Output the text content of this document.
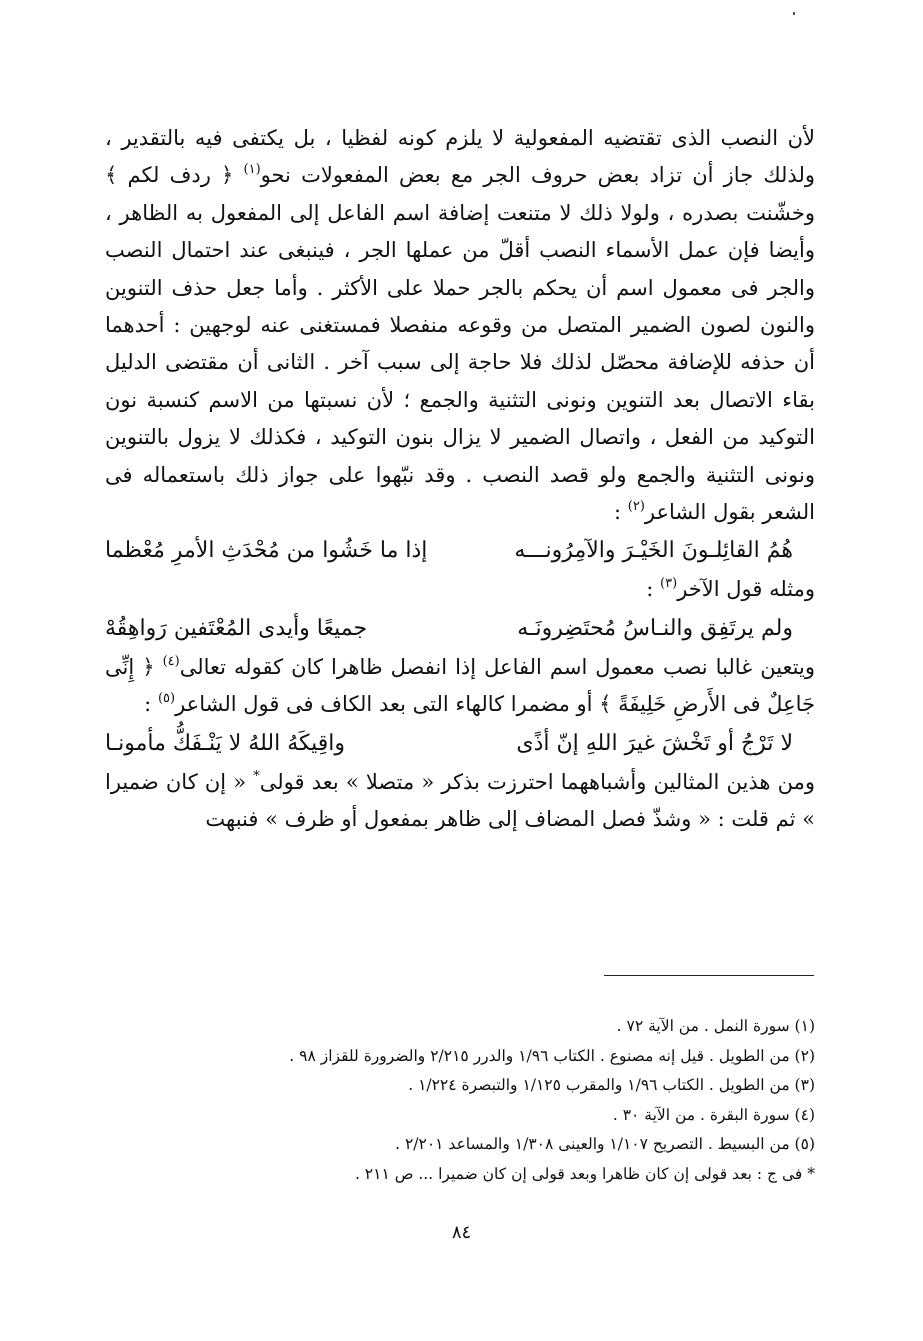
لأن النصب الذى تقتضيه المفعولية لا يلزم كونه لفظيا ، بل يكتفى فيه بالتقدير ، ولذلك جاز أن تزاد بعض حروف الجر مع بعض المفعولات نحو$^{(١)}$ ﴿ ردف لكم ﴾ وخشّنت بصدره ، ولولا ذلك لا متنعت إضافة اسم الفاعل إلى المفعول به الظاهر ، وأيضا فإن عمل الأسماء النصب أقلّ من عملها الجر ، فينبغى عند احتمال النصب والجر فى معمول اسم أن يحكم بالجر حملا على الأكثر . وأما جعل حذف التنوين والنون لصون الضمير المتصل من وقوعه منفصلا فمستغنى عنه لوجهين : أحدهما أن حذفه للإضافة محصّل لذلك فلا حاجة إلى سبب آخر . الثانى أن مقتضى الدليل بقاء الاتصال بعد التنوين ونونى التثنية والجمع ؛ لأن نسبتها من الاسم كنسبة نون التوكيد من الفعل ، واتصال الضمير لا يزال بنون التوكيد ، فكذلك لا يزول بالتنوين ونونى التثنية والجمع ولو قصد النصب . وقد نبّهوا على جواز ذلك باستعماله فى الشعر بقول الشاعر$^{(٢)}$ :

هُمُ القائِلـونَ الخَيْـرَ والآمِرُونـــه
إذا ما خَشُوا من مُحْدَثِ الأمرِ مُعْظما

ومثله قول الآخر$^{(٣)}$ :

ولم يرتَفِق والنـاسُ مُحتَضِرونَـه
جميعًا وأيدى المُعْتَفين رَواهِقُهْ

ويتعين غالبا نصب معمول اسم الفاعل إذا انفصل ظاهرا كان كقوله تعالى$^{(٤)}$ ﴿ إِنِّى جَاعِلٌ فى الأَرضِ خَلِيفَةً ﴾ أو مضمرا كالهاء التى بعد الكاف فى قول الشاعر$^{(٥)}$ :

لا تَرْجُ أو تَخْشَ غيرَ اللهِ إنّ أذًى
واقِيكَهُ اللهُ لا يَنْـفَكُّ مأمونـا

ومن هذين المثالين وأشباههما احترزت بذكر « متصلا » بعد قولى* « إن كان ضميرا » ثم قلت : « وشذّ فصل المضاف إلى ظاهر بمفعول أو ظرف » فنبهت

(١) سورة النمل . من الآية ٧٢ .

(٢) من الطويل . قيل إنه مصنوع . الكتاب ١/٩٦ والدرر ٢/٢١٥ والضرورة للقزاز ٩٨ .

(٣) من الطويل . الكتاب ١/٩٦ والمقرب ١/١٢٥ والتبصرة ١/٢٢٤ .

(٤) سورة البقرة . من الآية ٣٠ .

(٥) من البسيط . التصريح ١/١٠٧ والعينى ١/٣٠٨ والمساعد ٢/٢٠١ .

* فى ج : بعد قولى إن كان ظاهرا وبعد قولى إن كان ضميرا ... ص ٢١١ .

٨٤
